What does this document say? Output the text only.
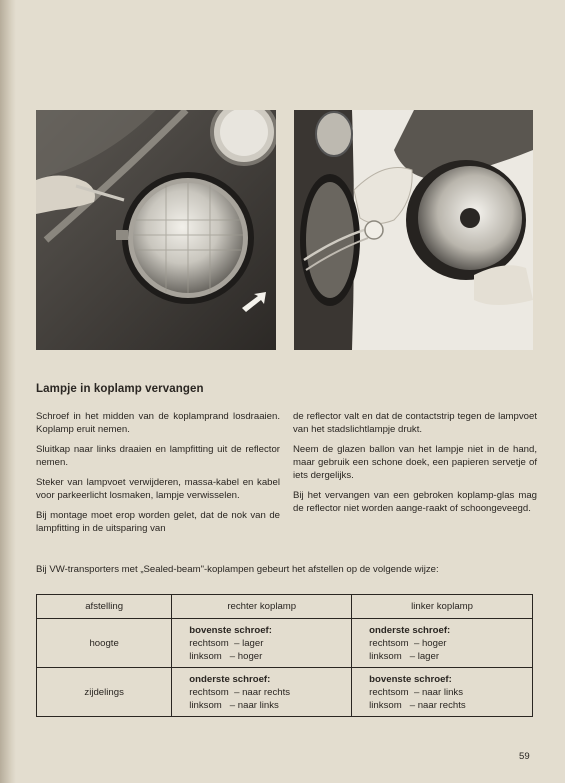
Lampje in koplamp vervangen

Schroef in het midden van de koplamprand losdraaien. Koplamp eruit nemen.

Sluitkap naar links draaien en lampfitting uit de reflector nemen.

Steker van lampvoet verwijderen, massa-kabel en kabel voor parkeerlicht losmaken, lampje verwisselen.

Bij montage moet erop worden gelet, dat de nok van de lampfitting in de uitsparing van

de reflector valt en dat de contactstrip tegen de lampvoet van het stadslichtlampje drukt.

Neem de glazen ballon van het lampje niet in de hand, maar gebruik een schone doek, een papieren servetje of iets dergelijks.

Bij het vervangen van een gebroken koplamp-glas mag de reflector niet worden aange-raakt of schoongeveegd.

Bij VW-transporters met „Sealed-beam"-koplampen gebeurt het afstellen op de volgende wijze:
afstelling	rechter koplamp	linker koplamp
hoogte	bovenste schroef:
rechtsom  – lager
linksom   – hoger	onderste schroef:
rechtsom  – hoger
linksom   – lager

zijdelings	onderste schroef:
rechtsom  – naar rechts
linksom   – naar links	bovenste schroef:
rechtsom  – naar links
linksom   – naar rechts
59
